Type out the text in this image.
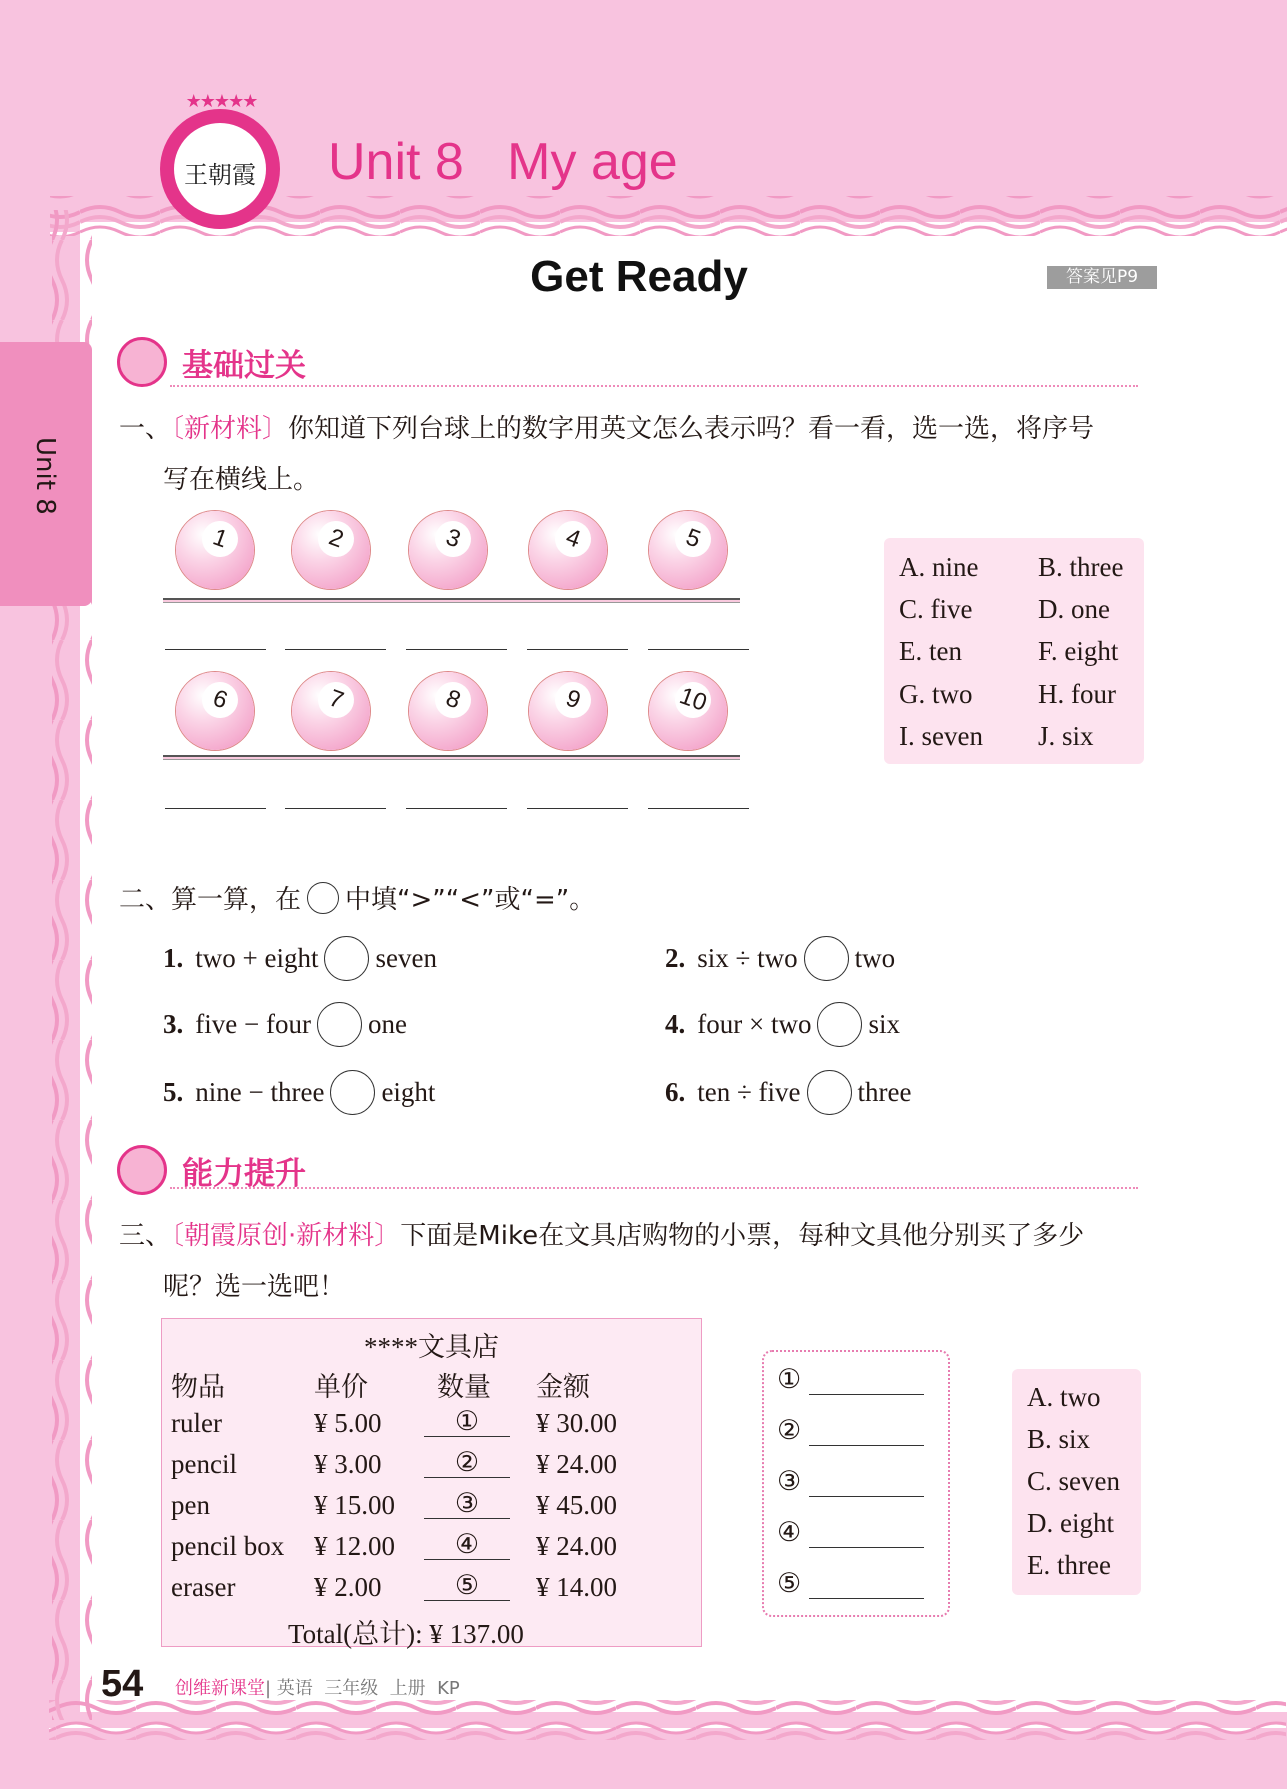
Unit 8
★★★★★
王朝霞 Unit 8   My age
Get Ready	答案见P9
基础过关
一、〔新材料〕你知道下列台球上的数字用英文怎么表示吗？看一看，选一选，将序号
写在横线上。
二、 算一算，在 中填“>”“<”或“=”。
能力提升
三、〔朝霞原创·新材料〕下面是Mike在文具店购物的小票，每种文具他分别买了多少
呢？选一选吧！
****文具店
物品	单价	数量 金额
ruler	¥ 5.00	①	¥ 30.00
pencil	¥ 3.00	②	¥ 24.00
pen	¥ 15.00	③	¥ 45.00
pencil box ¥ 12.00	④	¥ 24.00
eraser	¥ 2.00	⑤	¥ 14.00
Total(总计): ¥ 137.00
54 创维新课堂| 英语  三年级  上册  KP
1	2	3	4	5
6	7	8	9	10
A. nine B. three
C. five D. one
E. ten	F. eight
G. two H. four
I. seven J. six
1. two + eight seven	2. six ÷ two two
3. five − four one	4. four × two six
5. nine − three eight	6. ten ÷ five three
①
②
③
④
⑤
A. two
B. six
C. seven
D. eight
E. three
